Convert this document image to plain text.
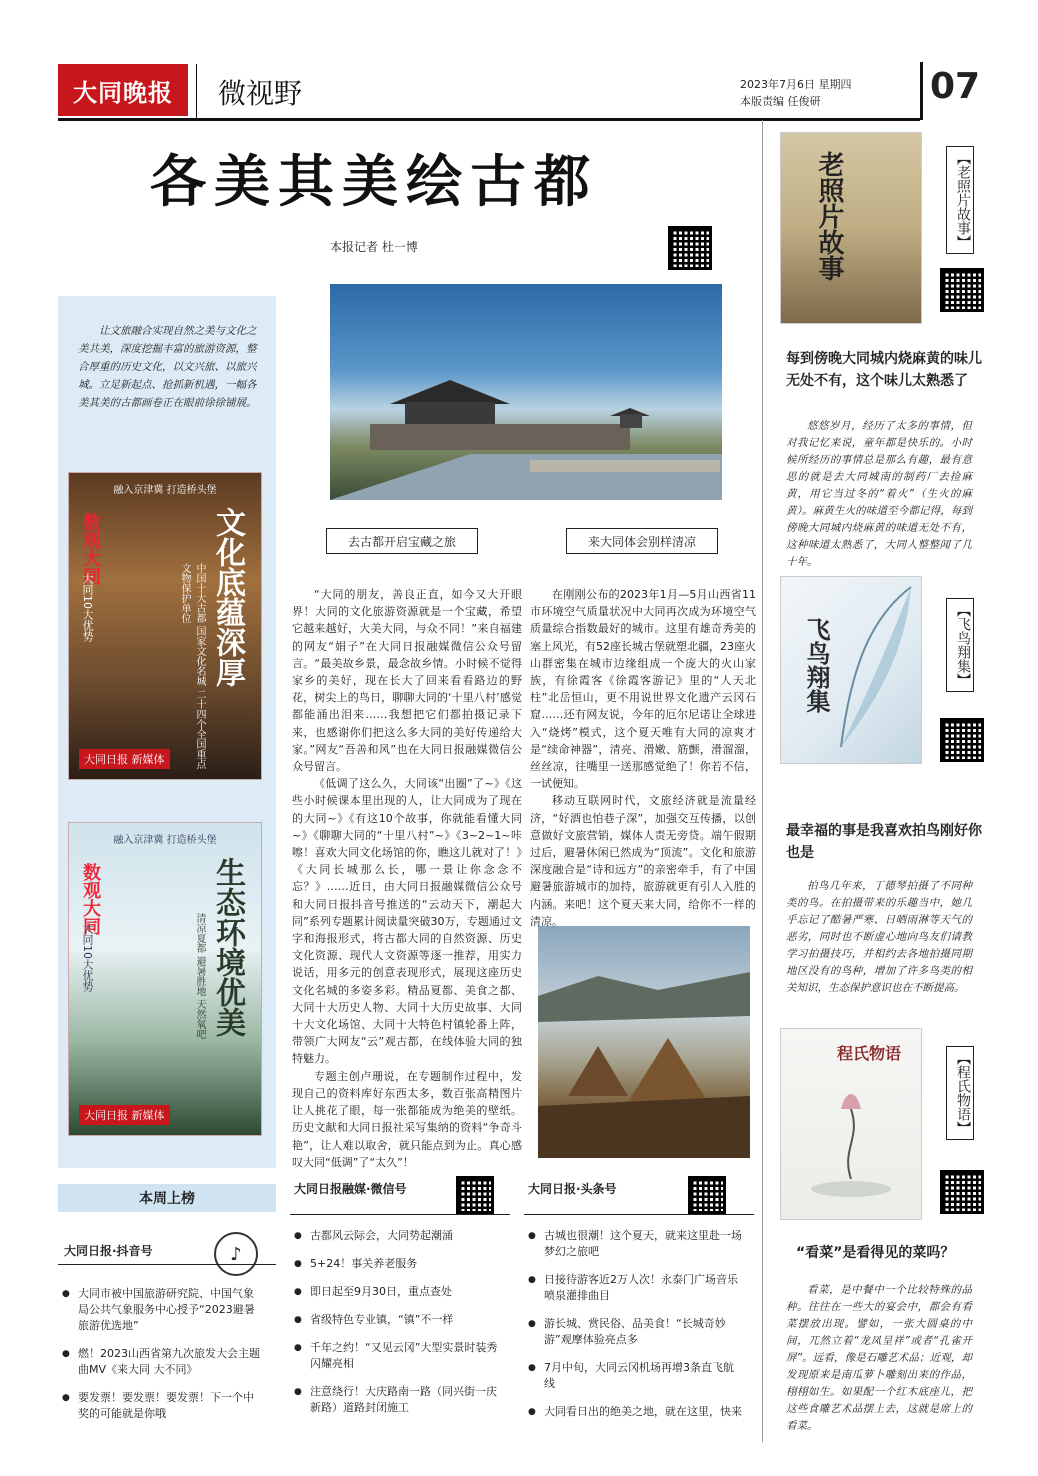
大同晚报	微视野	2023年7月6日 星期四
本版责编 任俊研	07
各美其美绘古都
本报记者 杜一博
让文旅融合实现自然之美与文化之美共美，深度挖掘丰富的旅游资源，整合厚重的历史文化，以文兴旅、以旅兴城。立足新起点、抢抓新机遇，一幅各美其美的古都画卷正在眼前徐徐铺展。
融入京津冀 打造桥头堡
数观大同
大同10大优势	文化底蕴深厚
中国十大古都 国家文化名城 二十四个全国重点文物保护单位
大同日报 新媒体
融入京津冀 打造桥头堡
数观大同
大同10大优势	生态环境优美
清凉夏都 避暑胜地 天然氧吧
大同日报 新媒体
去古都开启宝藏之旅	来大同体会别样清凉

“大同的朋友，善良正直，如今又大开眼界！大同的文化旅游资源就是一个宝藏，希望它越来越好，大美大同，与众不同！”来自福建的网友“娟子”在大同日报融媒微信公众号留言。“最美故乡景，最念故乡情。小时候不觉得家乡的美好，现在长大了回来看看路边的野花，树尖上的鸟日，聊聊大同的‘十里八村’感觉都能涌出泪来……我想把它们都拍摄记录下来，也感谢你们把这么多大同的美好传递给大家。”网友“吾善和风”也在大同日报融媒微信公众号留言。

《低调了这么久，大同该“出圈”了~》《这些小时候课本里出现的人，让大同成为了现在的大同~》《有这10个故事，你就能看懂大同~》《聊聊大同的“十里八村”~》《3~2~1~咔嚓！喜欢大同文化场馆的你，瞧这儿就对了！》《大同长城那么长，哪一景让你念念不忘？》……近日，由大同日报融媒微信公众号和大同日报抖音号推送的“云动天下，潮起大同”系列专题累计阅读量突破30万，专题通过文字和海报形式，将古都大同的自然资源、历史文化资源、现代人文资源等逐一推荐，用实力说话，用多元的创意表现形式，展现这座历史文化名城的多姿多彩。精品夏都、美食之都、大同十大历史人物、大同十大历史故事、大同十大文化场馆、大同十大特色村镇轮番上阵，带领广大网友“云”观古都，在线体验大同的独特魅力。

专题主创卢珊说，在专题制作过程中，发现自己的资料库好东西太多，数百张高精图片让人挑花了眼，每一张都能成为绝美的壁纸。历史文献和大同日报社采写集纳的资料“争奇斗艳”，让人难以取舍，就只能点到为止。真心感叹大同“低调”了“太久”！

在刚刚公布的2023年1月—5月山西省11市环境空气质量状况中大同再次成为环境空气质量综合指数最好的城市。这里有雄奇秀美的塞上风光，有52座长城古堡就塑北疆，23座火山群密集在城市边缘组成一个庞大的火山家族，有徐霞客《徐霞客游记》里的“人天北柱”北岳恒山，更不用说世界文化遗产云冈石窟……还有网友说，今年的厄尔尼诺让全球进入“烧烤”模式，这个夏天唯有大同的凉爽才是“续命神器”，清亮、滑嫩、筋颤，滑溜溜，丝丝凉，往嘴里一送那感觉绝了！你若不信，一试便知。

移动互联网时代，文旅经济就是流量经济，“好酒也怕巷子深”，加强交互传播，以创意做好文旅营销，媒体人责无旁贷。端午假期过后，避暑休闲已然成为“顶流”。文化和旅游深度融合是“诗和远方”的亲密牵手，有了中国避暑旅游城市的加持，旅游就更有引人入胜的内涵。来吧！这个夏天来大同，给你不一样的清凉。

老照片故事	【老照片故事】
每到傍晚大同城内烧麻黄的味儿无处不有，这个味儿太熟悉了

悠悠岁月，经历了太多的事情，但对我记忆来说，童年都是快乐的。小时候所经历的事情总是那么有趣，最有意思的就是去大同城南的制药厂去捡麻黄，用它当过冬的“着火”（生火的麻黄）。麻黄生火的味道至今都记得，每到傍晚大同城内烧麻黄的味道无处不有，这种味道太熟悉了，大同人整整闻了几十年。

飞鸟翔集	【飞鸟翔集】
最幸福的事是我喜欢拍鸟刚好你也是

拍鸟几年来，丁德琴拍摄了不同种类的鸟。在拍摄带来的乐趣当中，她几乎忘记了酷暑严寒、日晒雨淋等天气的恶劣，同时也不断虚心地向鸟友们请教学习拍摄技巧，并相约去各地拍摄同期地区没有的鸟种，增加了许多鸟类的相关知识，生态保护意识也在不断提高。

程氏物语	【程氏物语】
“看菜”是看得见的菜吗？

看菜，是中餐中一个比较特殊的品种。往往在一些大的宴会中，都会有看菜摆放出现。譬如，一张大圆桌的中间，兀然立着“龙凤呈祥”或者“孔雀开屏”。远看，像是石雕艺术品；近观，却发现原来是南瓜萝卜雕刻出来的作品，栩栩如生。如果配一个红木底座儿，把这些食雕艺术品摆上去，这就是席上的看菜。

本周上榜
大同日报·抖音号	♪
● 大同市被中国旅游研究院、中国气象局公共气象服务中心授予“2023避暑旅游优选地”
● 燃！2023山西省第九次旅发大会主题曲MV《来大同 大不同》
● 要发票！要发票！要发票！下一个中奖的可能就是你哦
大同日报融媒·微信号
● 古都风云际会，大同势起潮涌
● 5+24！事关养老服务
● 即日起至9月30日，重点查处
● 省级特色专业镇，“镇”不一样
● 千年之约！“又见云冈”大型实景时装秀闪耀亮相
● 注意绕行！大庆路南一路（同兴街一庆新路）道路封闭施工
大同日报·头条号
● 古城也很潮！这个夏天，就来这里赴一场梦幻之旅吧
● 日接待游客近2万人次！永泰门广场音乐喷泉灌排曲目
● 游长城、赏民俗、品美食！“长城奇妙游”观摩体验亮点多
● 7月中旬，大同云冈机场再增3条直飞航线
● 大同看日出的绝美之地，就在这里，快来
